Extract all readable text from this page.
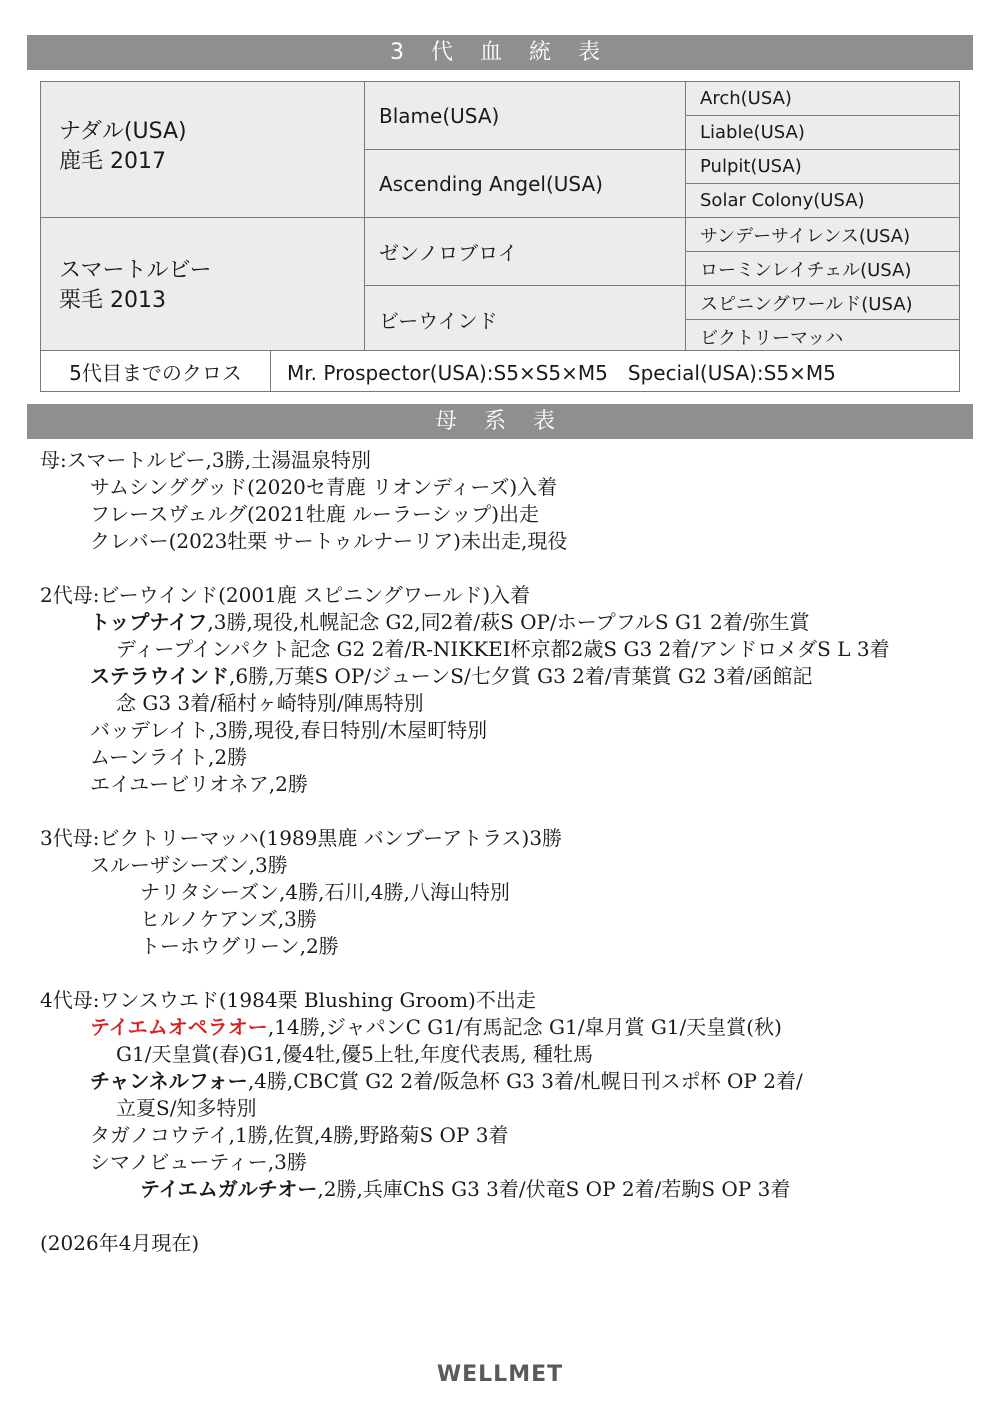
3 代 血 統 表
ナダル(USA)
鹿毛 2017	Blame(USA)	Arch(USA)
		Liable(USA)
	Ascending Angel(USA)	Pulpit(USA)
		Solar Colony(USA)

スマートルビー
栗毛 2013	ゼンノロブロイ	サンデーサイレンス(USA)
		ローミンレイチェル(USA)
	ビーウインド	スピニングワールド(USA)
		ビクトリーマッハ
5代目までのクロス	Mr. Prospector(USA):S5×S5×M5　Special(USA):S5×M5
母 系 表
母:スマートルビー,3勝,土湯温泉特別
サムシンググッド(2020セ青鹿 リオンディーズ)入着
フレースヴェルグ(2021牡鹿 ルーラーシップ)出走
クレバー(2023牡栗 サートゥルナーリア)未出走,現役
2代母:ビーウインド(2001鹿 スピニングワールド)入着
トップナイフ,3勝,現役,札幌記念 G2,同2着/萩S OP/ホープフルS G1 2着/弥生賞
ディープインパクト記念 G2 2着/R-NIKKEI杯京都2歳S G3 2着/アンドロメダS L 3着
ステラウインド,6勝,万葉S OP/ジューンS/七夕賞 G3 2着/青葉賞 G2 3着/函館記
念 G3 3着/稲村ヶ崎特別/陣馬特別
バッデレイト,3勝,現役,春日特別/木屋町特別
ムーンライト,2勝
エイユービリオネア,2勝
3代母:ビクトリーマッハ(1989黒鹿 バンブーアトラス)3勝
スルーザシーズン,3勝
ナリタシーズン,4勝,石川,4勝,八海山特別
ヒルノケアンズ,3勝
トーホウグリーン,2勝
4代母:ワンスウエド(1984栗 Blushing Groom)不出走
テイエムオペラオー,14勝,ジャパンC G1/有馬記念 G1/皐月賞 G1/天皇賞(秋)
G1/天皇賞(春)G1,優4牡,優5上牡,年度代表馬, 種牡馬
チャンネルフォー,4勝,CBC賞 G2 2着/阪急杯 G3 3着/札幌日刊スポ杯 OP 2着/
立夏S/知多特別
タガノコウテイ,1勝,佐賀,4勝,野路菊S OP 3着
シマノビューティー,3勝
テイエムガルチオー,2勝,兵庫ChS G3 3着/伏竜S OP 2着/若駒S OP 3着
(2026年4月現在)
WELLMET
